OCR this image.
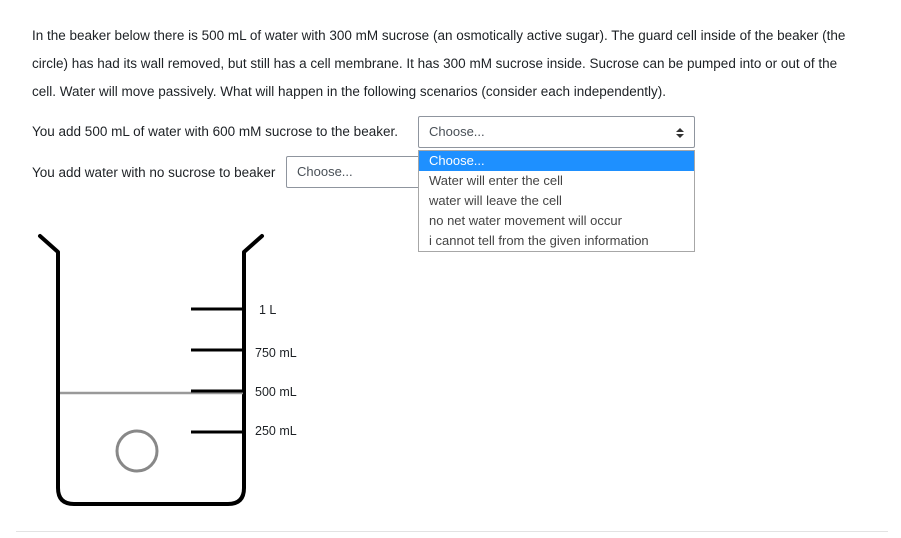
In the beaker below there is 500 mL of water with 300 mM sucrose (an osmotically active sugar). The guard cell inside of the beaker (the

circle) has had its wall removed, but still has a cell membrane. It has 300 mM sucrose inside. Sucrose can be pumped into or out of the

cell. Water will move passively. What will happen in the following scenarios (consider each independently).

You add 500 mL of water with 600 mM sucrose to the beaker.	Choose...
You add water with no sucrose to beaker	Choose...
Choose...
Water will enter the cell
water will leave the cell
no net water movement will occur
i cannot tell from the given information
1 L
750 mL
500 mL
250 mL
